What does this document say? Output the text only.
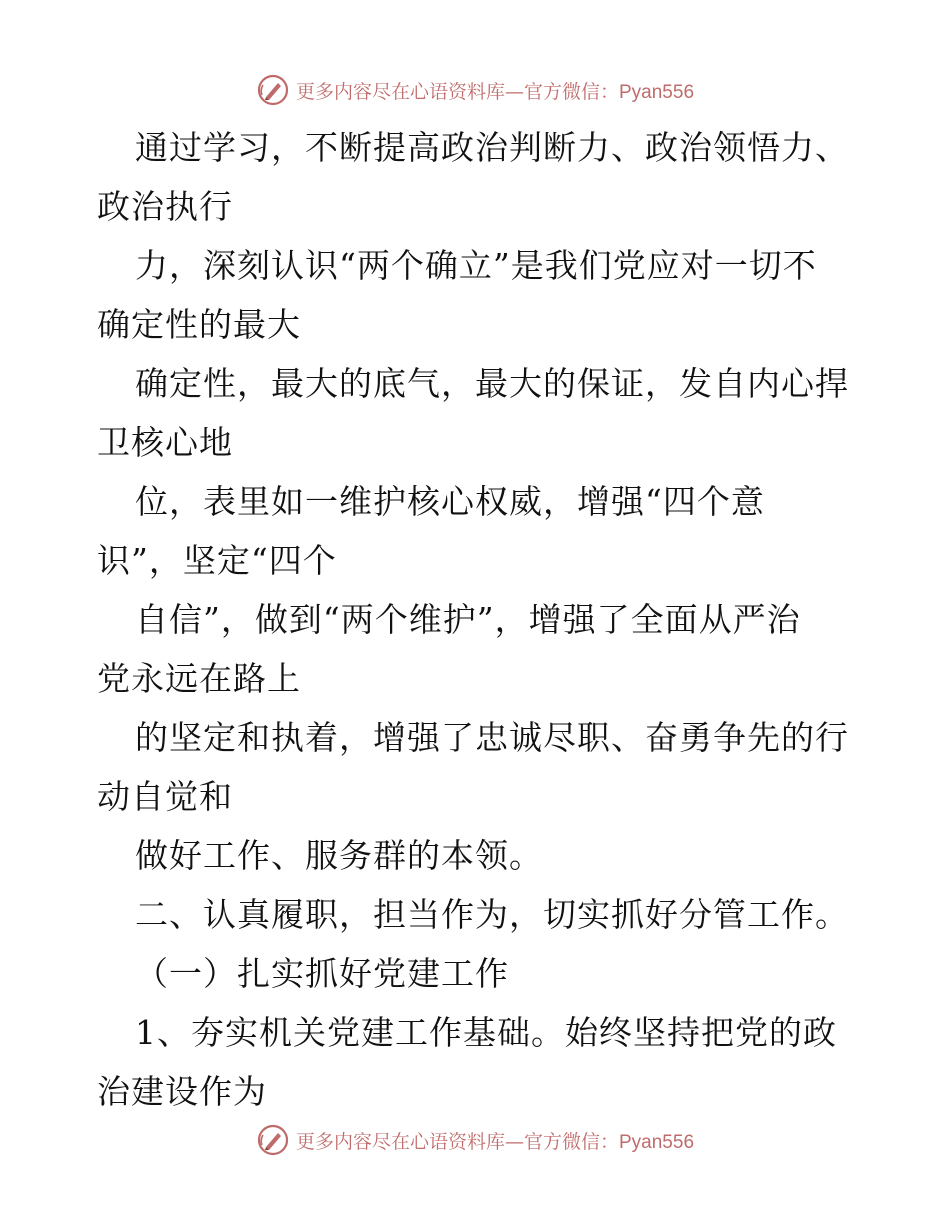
更多内容尽在心语资料库—官方微信：Pyan556
通过学习，不断提高政治判断力、政治领悟力、
政治执行
力，深刻认识“两个确立”是我们党应对一切不
确定性的最大
确定性，最大的底气，最大的保证，发自内心捍
卫核心地
位，表里如一维护核心权威，增强“四个意
识”，坚定“四个
自信”，做到“两个维护”，增强了全面从严治
党永远在路上
的坚定和执着，增强了忠诚尽职、奋勇争先的行
动自觉和
做好工作、服务群的本领。
二、认真履职，担当作为，切实抓好分管工作。
（一）扎实抓好党建工作
1、夯实机关党建工作基础。始终坚持把党的政
治建设作为
更多内容尽在心语资料库—官方微信：Pyan556
